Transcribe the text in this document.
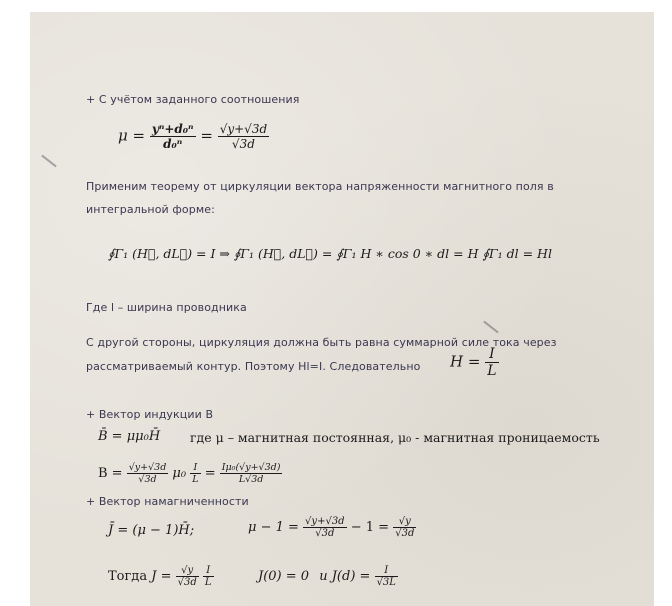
+ С учётом заданного соотношения
$\mu = \frac{\text{yⁿ+d₀ⁿ}}{\text{d₀ⁿ}} = \frac{√y+√3d}{√3d}$
Применим теорему от циркуляции вектора напряженности магнитного поля в
интегральной форме:
∮Γ₁ (H⃗, dL⃗) = I ⇒ ∮Γ₁ (H⃗, dL⃗) = ∮Γ₁ H ∗ cos 0 ∗ dl = H ∮Γ₁ dl = Hl
Где l – ширина проводника
С другой стороны, циркуляция должна быть равна суммарной силе тока через
рассматриваемый контур. Поэтому Hl=I. Следовательно $H = \frac{I}{L}$
+ Вектор индукции B
B̄ = μμ₀H̄ где μ – магнитная постоянная, μ₀ - магнитная проницаемость
$B = \frac{√y+√3d}{√3d} \mu_0 \frac{I}{L} = \frac{\text{Iμ₀(√y+√3d)}}{L√3d}$
+ Вектор намагниченности
J̄ = (μ − 1)H̄;	$\mu - 1 = \frac{√y+√3d}{√3d} - 1 = \frac{√y}{√3d}$
Тогда $J = \frac{√y}{√3d}$
$\frac{I}{L}$	J(0) = 0 и $J(d) = \frac{I}{√3L}$
